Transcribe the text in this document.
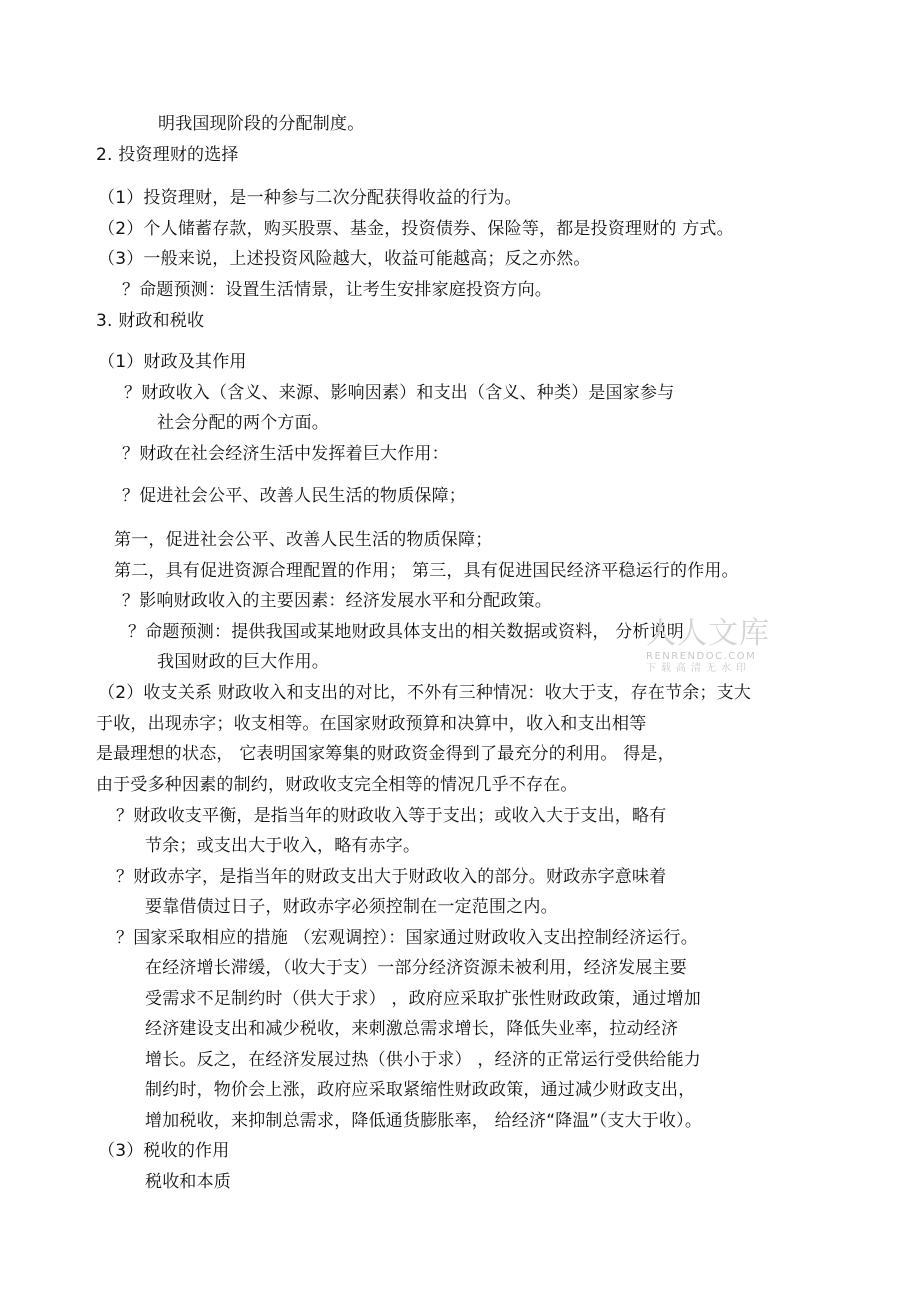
明我国现阶段的分配制度。
2. 投资理财的选择
（1）投资理财，是一种参与二次分配获得收益的行为。
（2）个人储蓄存款，购买股票、基金，投资债券、保险等，都是投资理财的 方式。
（3）一般来说，上述投资风险越大，收益可能越高；反之亦然。
？命题预测：设置生活情景，让考生安排家庭投资方向。
3. 财政和税收
（1）财政及其作用
？财政收入（含义、来源、影响因素）和支出（含义、种类）是国家参与
社会分配的两个方面。
？财政在社会经济生活中发挥着巨大作用：
？促进社会公平、改善人民生活的物质保障；
第一，促进社会公平、改善人民生活的物质保障；
第二，具有促进资源合理配置的作用； 第三，具有促进国民经济平稳运行的作用。
？影响财政收入的主要因素：经济发展水平和分配政策。
？命题预测：提供我国或某地财政具体支出的相关数据或资料， 分析说明
我国财政的巨大作用。
（2）收支关系 财政收入和支出的对比，不外有三种情况：收大于支，存在节余；支大
于收，出现赤字；收支相等。在国家财政预算和决算中，收入和支出相等
是最理想的状态， 它表明国家筹集的财政资金得到了最充分的利用。 得是，
由于受多种因素的制约，财政收支完全相等的情况几乎不存在。
？财政收支平衡，是指当年的财政收入等于支出；或收入大于支出，略有
节余；或支出大于收入，略有赤字。
？财政赤字，是指当年的财政支出大于财政收入的部分。财政赤字意味着
要靠借债过日子，财政赤字必须控制在一定范围之内。
？国家采取相应的措施 （宏观调控）：国家通过财政收入支出控制经济运行。
在经济增长滞缓，（收大于支）一部分经济资源未被利用，经济发展主要
受需求不足制约时（供大于求） ，政府应采取扩张性财政政策，通过增加
经济建设支出和减少税收，来刺激总需求增长，降低失业率，拉动经济
增长。反之，在经济发展过热（供小于求） ，经济的正常运行受供给能力
制约时，物价会上涨，政府应采取紧缩性财政政策，通过减少财政支出，
增加税收，来抑制总需求，降低通货膨胀率， 给经济“降温”（支大于收）。
（3）税收的作用
税收和本质
人人文库
RENRENDOC.COM
下载高清无水印
